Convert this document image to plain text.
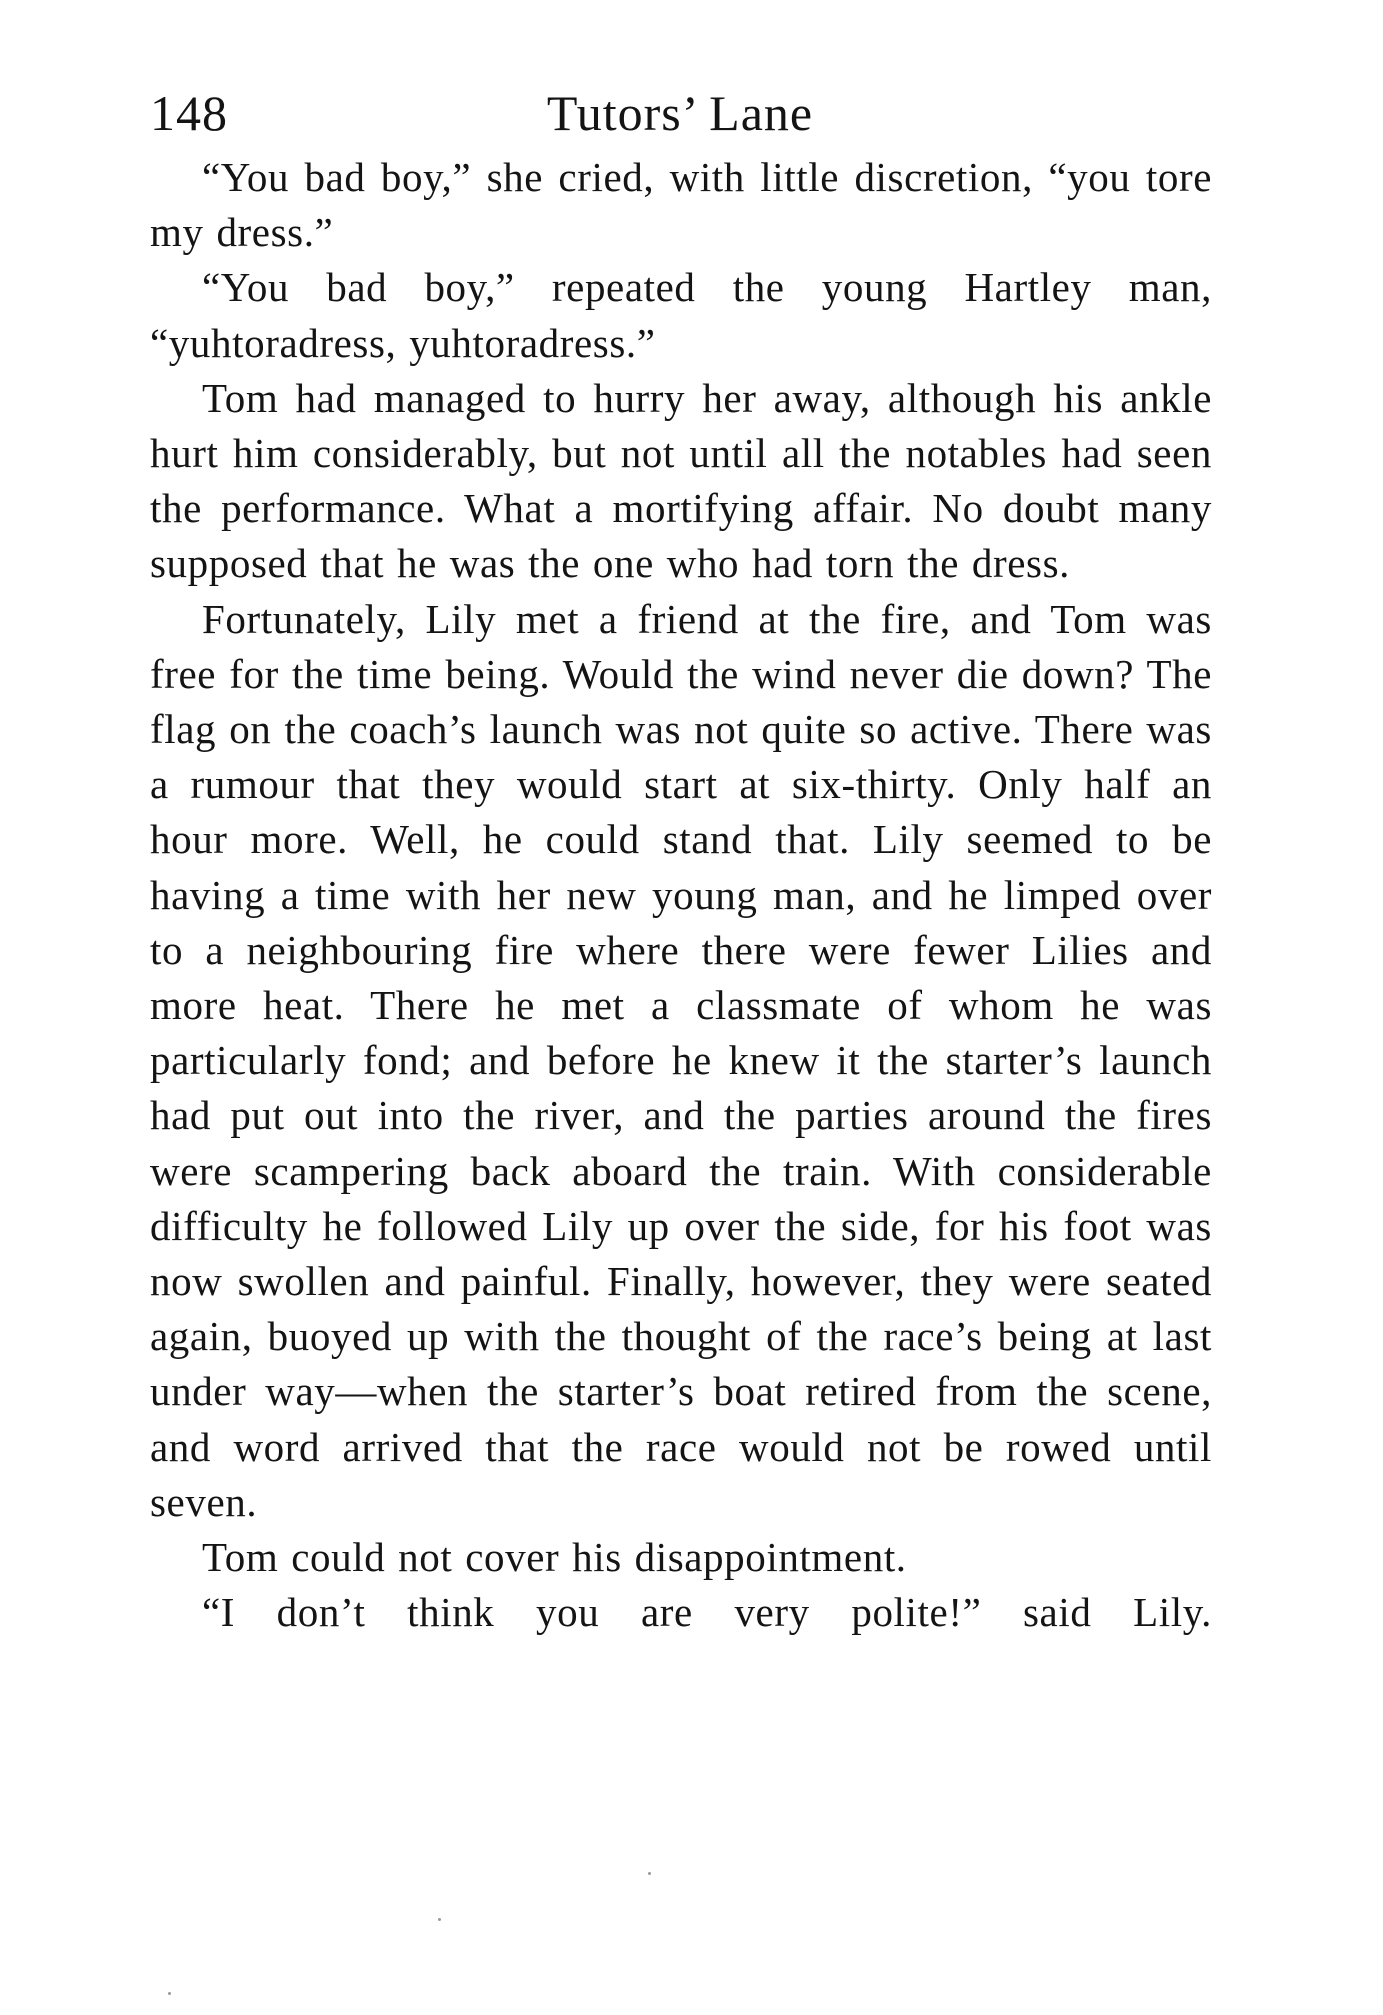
148	Tutors’ Lane

“You bad boy,” she cried, with little discretion, “you tore my dress.”

“You bad boy,” repeated the young Hartley man, “yuhtoradress, yuhtoradress.”

Tom had managed to hurry her away, although his ankle hurt him considerably, but not until all the notables had seen the performance. What a mortifying affair. No doubt many supposed that he was the one who had torn the dress.

Fortunately, Lily met a friend at the fire, and Tom was free for the time being. Would the wind never die down? The flag on the coach’s launch was not quite so active. There was a rumour that they would start at six-thirty. Only half an hour more. Well, he could stand that. Lily seemed to be having a time with her new young man, and he limped over to a neighbouring fire where there were fewer Lilies and more heat. There he met a classmate of whom he was particularly fond; and before he knew it the starter’s launch had put out into the river, and the parties around the fires were scampering back aboard the train. With considerable difficulty he followed Lily up over the side, for his foot was now swollen and painful. Finally, however, they were seated again, buoyed up with the thought of the race’s being at last under way—when the starter’s boat retired from the scene, and word arrived that the race would not be rowed until seven.

Tom could not cover his disappointment.

“I don’t think you are very polite!” said Lily.
